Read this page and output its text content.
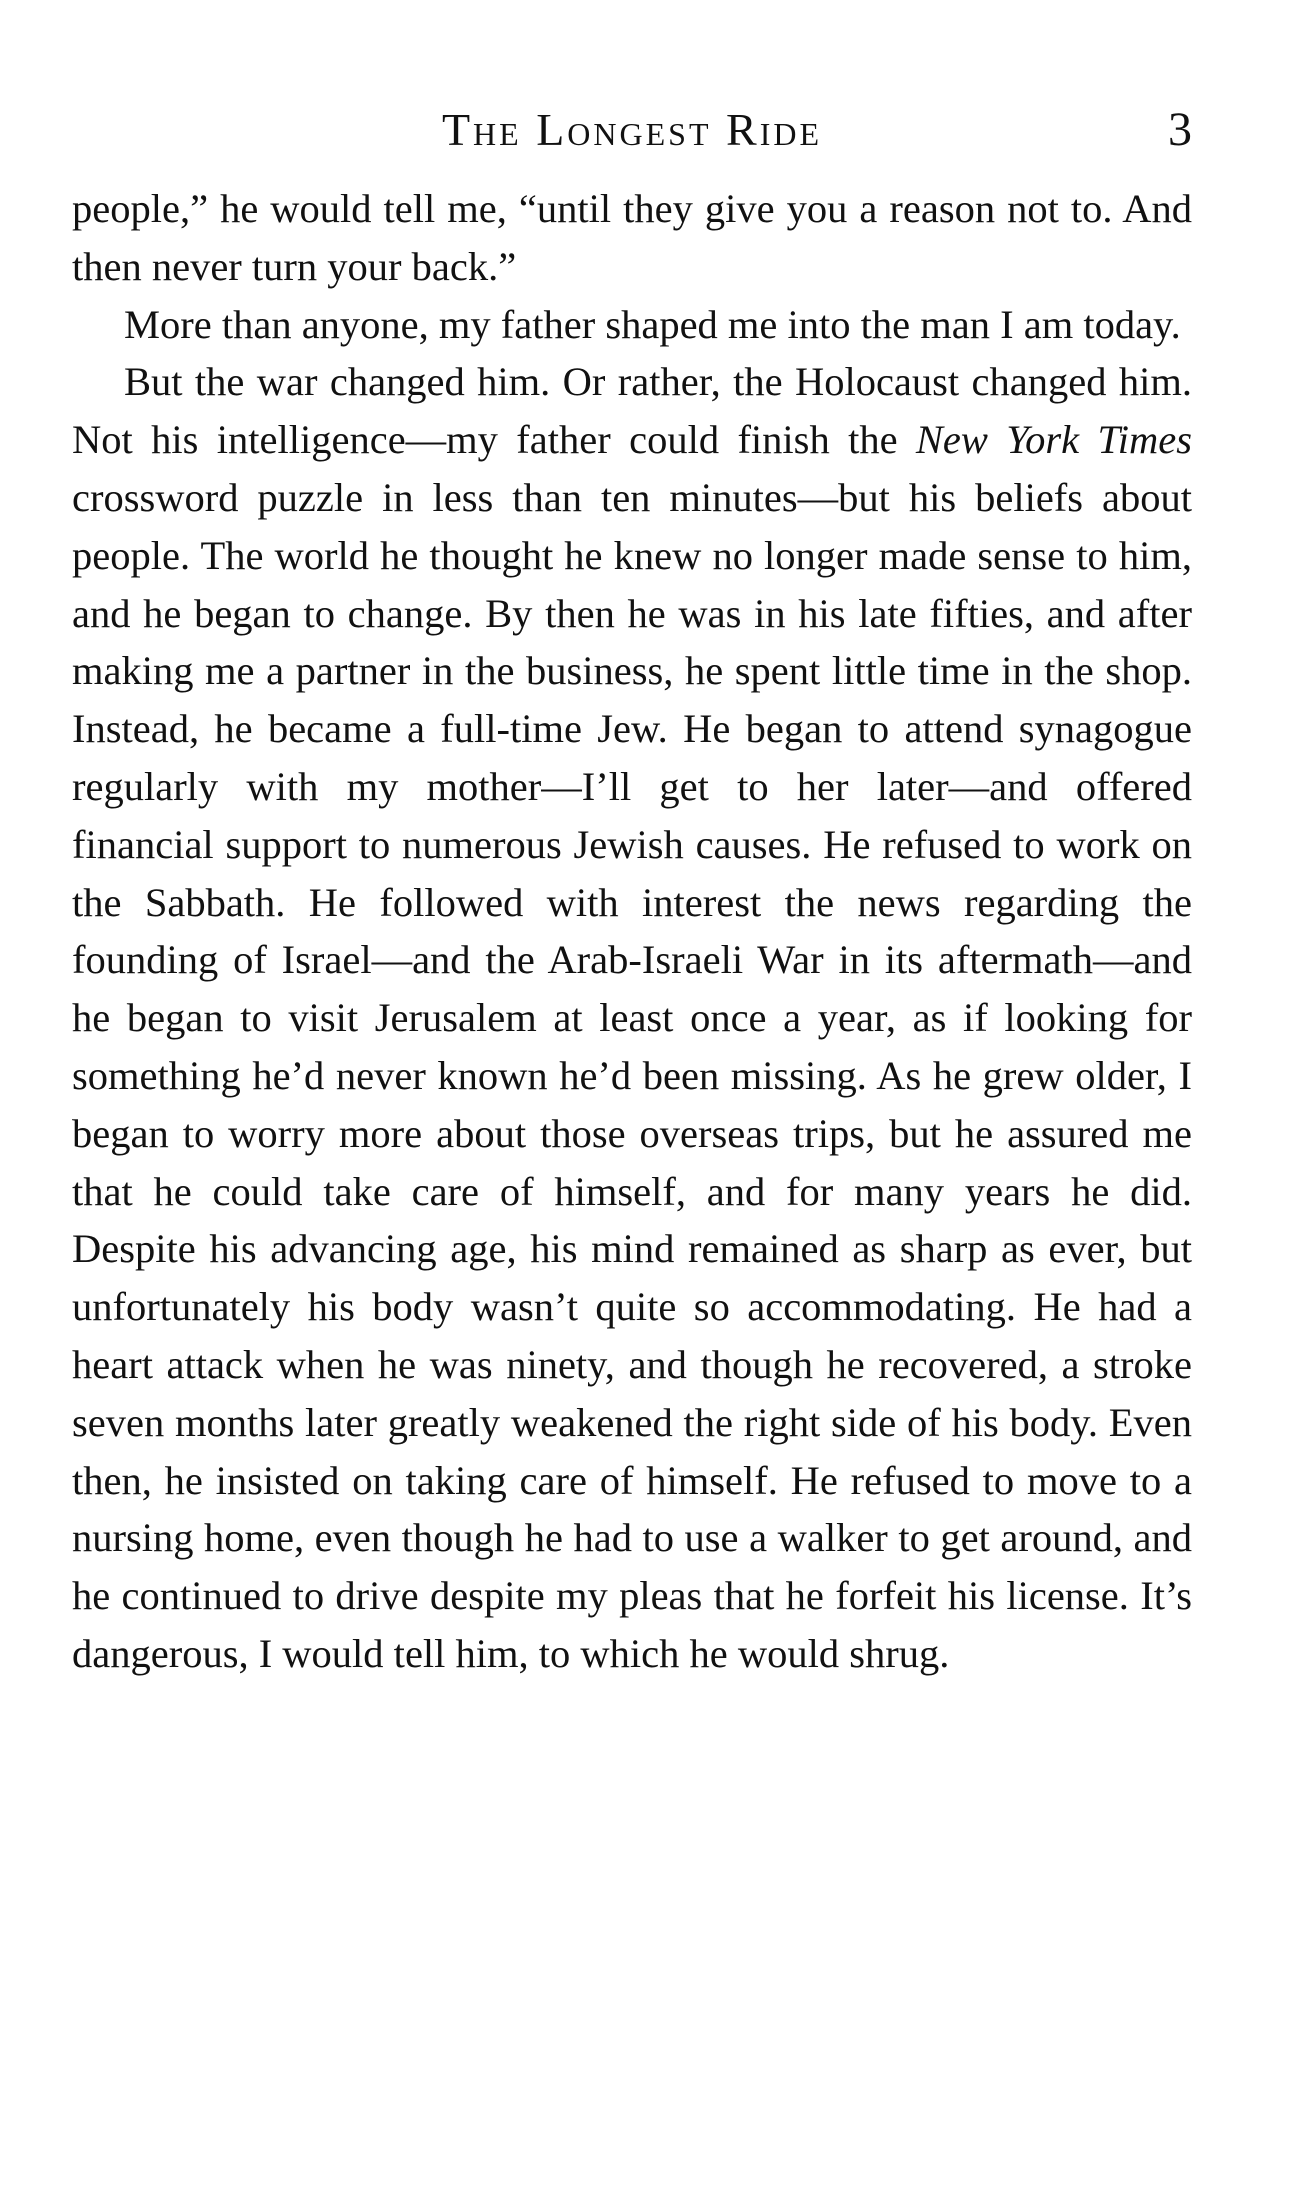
The Longest Ride	3

people,” he would tell me, “until they give you a reason not to. And then never turn your back.”

More than anyone, my father shaped me into the man I am today.

But the war changed him. Or rather, the Holocaust changed him. Not his intelligence—my father could finish the New York Times crossword puzzle in less than ten minutes—but his beliefs about people. The world he thought he knew no longer made sense to him, and he began to change. By then he was in his late fifties, and after making me a partner in the business, he spent little time in the shop. Instead, he became a full-time Jew. He began to attend synagogue regularly with my mother—I’ll get to her later—and offered financial support to numerous Jewish causes. He refused to work on the Sabbath. He followed with interest the news regarding the founding of Israel—and the Arab-Israeli War in its aftermath—and he began to visit Jerusalem at least once a year, as if looking for something he’d never known he’d been missing. As he grew older, I began to worry more about those overseas trips, but he assured me that he could take care of himself, and for many years he did. Despite his advancing age, his mind remained as sharp as ever, but unfortunately his body wasn’t quite so accommodating. He had a heart attack when he was ninety, and though he recovered, a stroke seven months later greatly weakened the right side of his body. Even then, he insisted on taking care of himself. He refused to move to a nursing home, even though he had to use a walker to get around, and he continued to drive despite my pleas that he forfeit his license. It’s dangerous, I would tell him, to which he would shrug.
